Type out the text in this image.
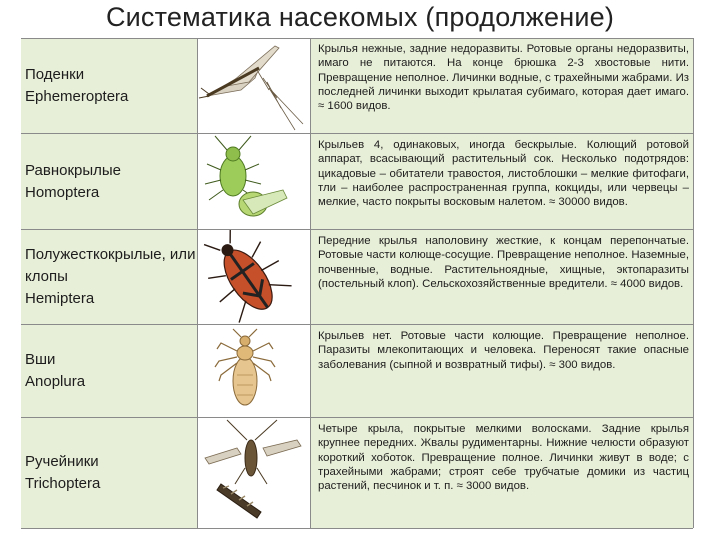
Систематика насекомых (продолжение)
Поденки
Ephemeroptera
Крылья нежные, задние недоразвиты. Ротовые органы недоразвиты, имаго не питаются. На конце брюшка 2-3 хвостовые нити. Превращение неполное. Личинки водные, с трахейными жабрами. Из последней личинки выходит крылатая субимаго, которая дает имаго. ≈ 1600 видов.
Равнокрылые
Homoptera
Крыльев 4, одинаковых, иногда бескрылые. Колющий ротовой аппарат, всасывающий растительный сок. Несколько подотрядов: цикадовые – обитатели травостоя, листоблошки – мелкие фитофаги, тли – наиболее распространенная группа, кокциды, или червецы – мелкие, часто покрыты восковым налетом. ≈ 30000 видов.
Полужесткокрылые, или клопы
Hemiptera
Передние крылья наполовину жесткие, к концам перепончатые. Ротовые части колюще-сосущие. Превращение неполное. Наземные, почвенные, водные. Растительноядные, хищные, эктопаразиты (постельный клоп). Сельскохозяйственные вредители. ≈ 4000 видов.
Вши
Anoplura
Крыльев нет. Ротовые части колющие. Превращение неполное. Паразиты млекопитающих и человека. Переносят такие опасные заболевания (сыпной и возвратный тифы). ≈ 300 видов.
Ручейники
Trichoptera
Четыре крыла, покрытые мелкими волосками. Задние крылья крупнее передних. Жвалы рудиментарны. Нижние челюсти образуют короткий хоботок. Превращение полное. Личинки живут в воде; с трахейными жабрами; строят себе трубчатые домики из частиц растений, песчинок и т. п. ≈ 3000 видов.
